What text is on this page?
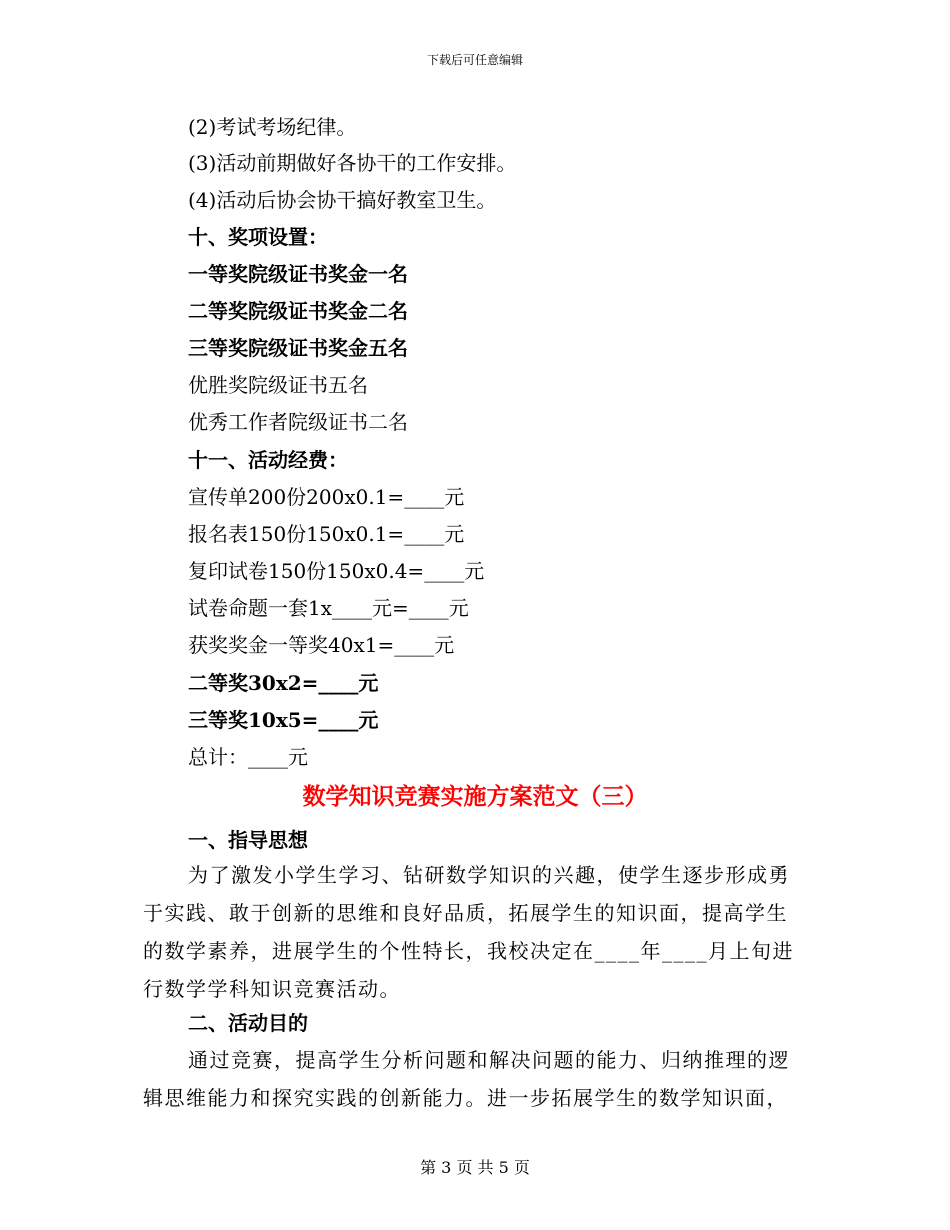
下载后可任意编辑
(2)考试考场纪律。
(3)活动前期做好各协干的工作安排。
(4)活动后协会协干搞好教室卫生。
十、奖项设置：
一等奖院级证书奖金一名
二等奖院级证书奖金二名
三等奖院级证书奖金五名
优胜奖院级证书五名
优秀工作者院级证书二名
十一、活动经费：
宣传单200份200x0.1=____元
报名表150份150x0.1=____元
复印试卷150份150x0.4=____元
试卷命题一套1x____元=____元
获奖奖金一等奖40x1=____元
二等奖30x2=____元
三等奖10x5=____元
总计：____元
数学知识竞赛实施方案范文（三）
一、指导思想
为了激发小学生学习、钻研数学知识的兴趣，使学生逐步形成勇
于实践、敢于创新的思维和良好品质，拓展学生的知识面，提高学生
的数学素养，进展学生的个性特长，我校决定在____年____月上旬进
行数学学科知识竞赛活动。
二、活动目的
通过竞赛，提高学生分析问题和解决问题的能力、归纳推理的逻
辑思维能力和探究实践的创新能力。进一步拓展学生的数学知识面，
第 3 页 共 5 页
